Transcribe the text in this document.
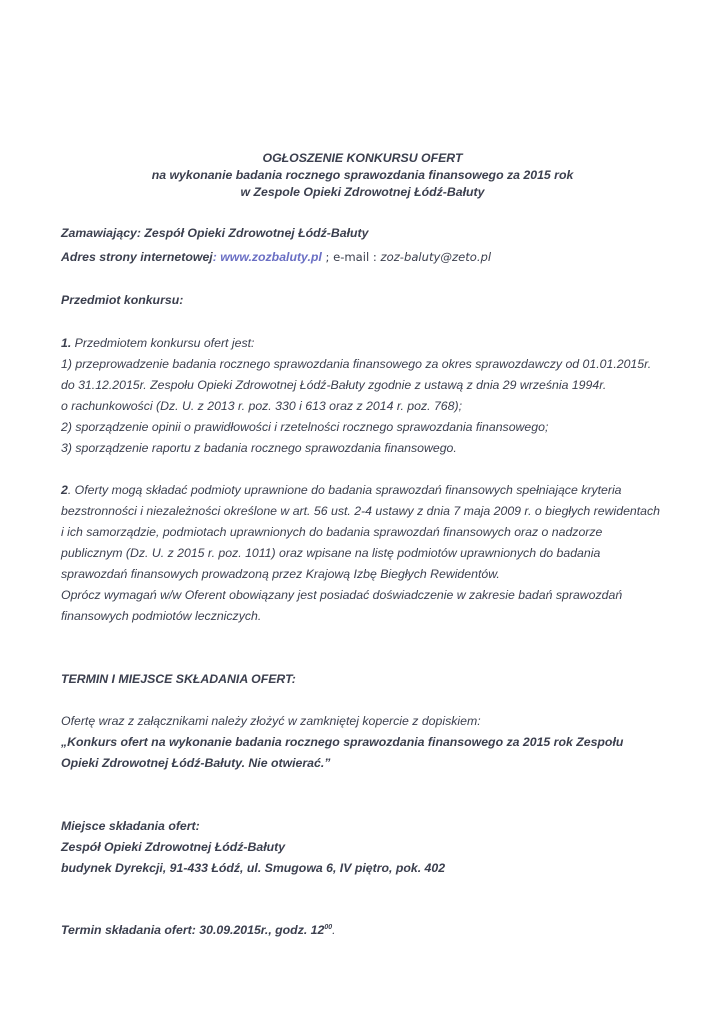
OGŁOSZENIE KONKURSU OFERT
na wykonanie badania rocznego sprawozdania finansowego za 2015 rok
w Zespole Opieki Zdrowotnej Łódź-Bałuty
Zamawiający: Zespół Opieki Zdrowotnej Łódź-Bałuty
Adres strony internetowej: www.zozbaluty.pl ; e-mail : zoz-baluty@zeto.pl
Przedmiot konkursu:
1. Przedmiotem konkursu ofert jest:
1) przeprowadzenie badania rocznego sprawozdania finansowego za okres sprawozdawczy od 01.01.2015r.
do 31.12.2015r. Zespołu Opieki Zdrowotnej Łódź-Bałuty zgodnie z ustawą z dnia 29 września 1994r.
o rachunkowości (Dz. U. z 2013 r. poz. 330 i 613 oraz z 2014 r. poz. 768);
2) sporządzenie opinii o prawidłowości i rzetelności rocznego sprawozdania finansowego;
3) sporządzenie raportu z badania rocznego sprawozdania finansowego.
2. Oferty mogą składać podmioty uprawnione do badania sprawozdań finansowych spełniające kryteria
bezstronności i niezależności określone w art. 56 ust. 2-4 ustawy z dnia 7 maja 2009 r. o biegłych rewidentach
i ich samorządzie, podmiotach uprawnionych do badania sprawozdań finansowych oraz o nadzorze
publicznym (Dz. U. z 2015 r. poz. 1011) oraz wpisane na listę podmiotów uprawnionych do badania
sprawozdań finansowych prowadzoną przez Krajową Izbę Biegłych Rewidentów.
Oprócz wymagań w/w Oferent obowiązany jest posiadać doświadczenie w zakresie badań sprawozdań
finansowych podmiotów leczniczych.
TERMIN I MIEJSCE SKŁADANIA OFERT:
Ofertę wraz z załącznikami należy złożyć w zamkniętej kopercie z dopiskiem:
„Konkurs ofert na wykonanie badania rocznego sprawozdania finansowego za 2015 rok Zespołu
Opieki Zdrowotnej Łódź-Bałuty. Nie otwierać.”
Miejsce składania ofert:
Zespół Opieki Zdrowotnej Łódź-Bałuty
budynek Dyrekcji, 91-433 Łódź, ul. Smugowa 6, IV piętro, pok. 402
Termin składania ofert: 30.09.2015r., godz. $12^{00}$.
